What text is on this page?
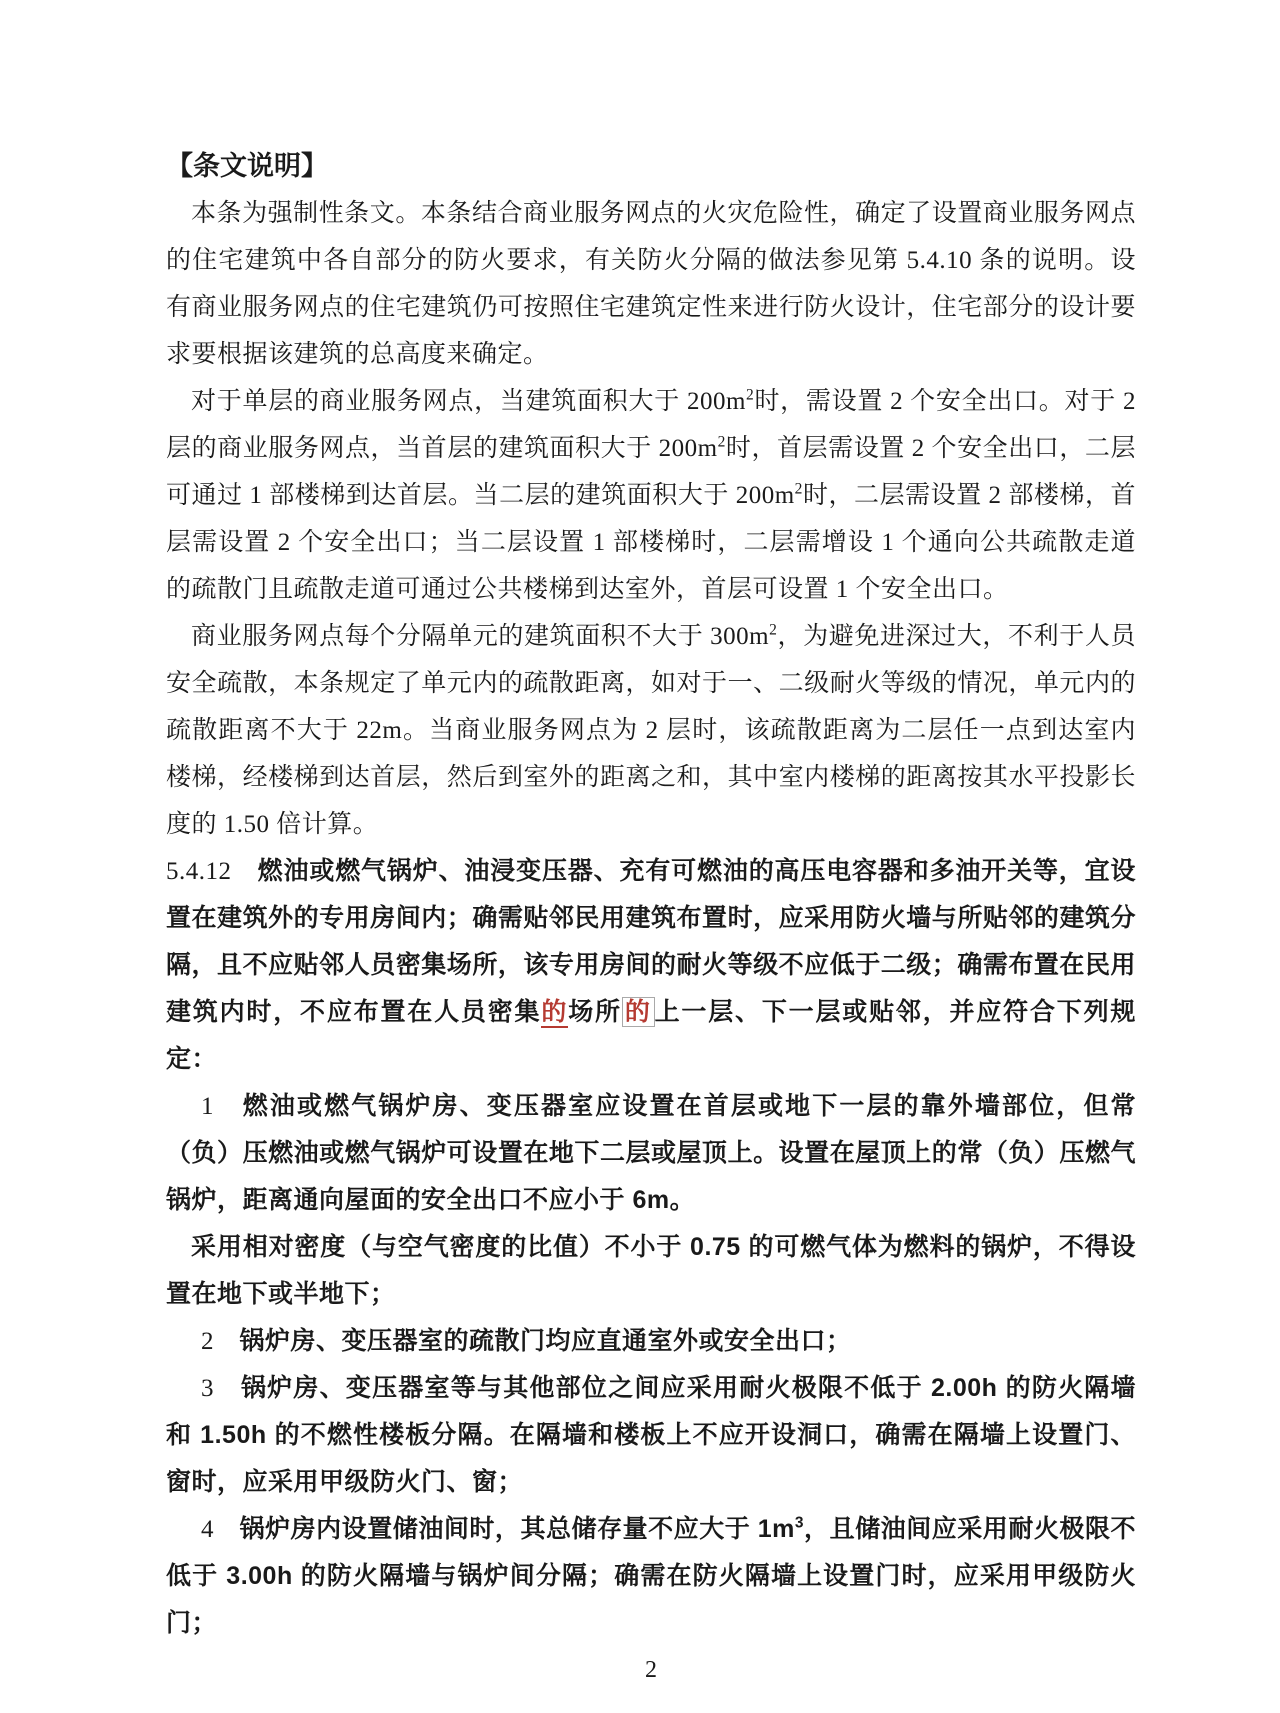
【条文说明】

本条为强制性条文。本条结合商业服务网点的火灾危险性，确定了设置商业服务网点的住宅建筑中各自部分的防火要求，有关防火分隔的做法参见第 5.4.10 条的说明。设有商业服务网点的住宅建筑仍可按照住宅建筑定性来进行防火设计，住宅部分的设计要求要根据该建筑的总高度来确定。

对于单层的商业服务网点，当建筑面积大于 $200m^2$时，需设置 2 个安全出口。对于 2 层的商业服务网点，当首层的建筑面积大于 $200m^2$时，首层需设置 2 个安全出口，二层可通过 1 部楼梯到达首层。当二层的建筑面积大于 $200m^2$时，二层需设置 2 部楼梯，首层需设置 2 个安全出口；当二层设置 1 部楼梯时，二层需增设 1 个通向公共疏散走道的疏散门且疏散走道可通过公共楼梯到达室外，首层可设置 1 个安全出口。

商业服务网点每个分隔单元的建筑面积不大于 $300m^2$，为避免进深过大，不利于人员安全疏散，本条规定了单元内的疏散距离，如对于一、二级耐火等级的情况，单元内的疏散距离不大于 22m。当商业服务网点为 2 层时，该疏散距离为二层任一点到达室内楼梯，经楼梯到达首层，然后到室外的距离之和，其中室内楼梯的距离按其水平投影长度的 1.50 倍计算。

5.4.12　燃油或燃气锅炉、油浸变压器、充有可燃油的高压电容器和多油开关等，宜设置在建筑外的专用房间内；确需贴邻民用建筑布置时，应采用防火墙与所贴邻的建筑分隔，且不应贴邻人员密集场所，该专用房间的耐火等级不应低于二级；确需布置在民用建筑内时，不应布置在人员密集的场所 的 上一层、下一层或贴邻，并应符合下列规定：

1　燃油或燃气锅炉房、变压器室应设置在首层或地下一层的靠外墙部位，但常（负）压燃油或燃气锅炉可设置在地下二层或屋顶上。设置在屋顶上的常（负）压燃气锅炉，距离通向屋面的安全出口不应小于 6m。

采用相对密度（与空气密度的比值）不小于 0.75 的可燃气体为燃料的锅炉，不得设置在地下或半地下；

2　锅炉房、变压器室的疏散门均应直通室外或安全出口；

3　锅炉房、变压器室等与其他部位之间应采用耐火极限不低于 2.00h 的防火隔墙和 1.50h 的不燃性楼板分隔。在隔墙和楼板上不应开设洞口，确需在隔墙上设置门、窗时，应采用甲级防火门、窗；

4　锅炉房内设置储油间时，其总储存量不应大于 $1m^3$，且储油间应采用耐火极限不低于 3.00h 的防火隔墙与锅炉间分隔；确需在防火隔墙上设置门时，应采用甲级防火门；

2
